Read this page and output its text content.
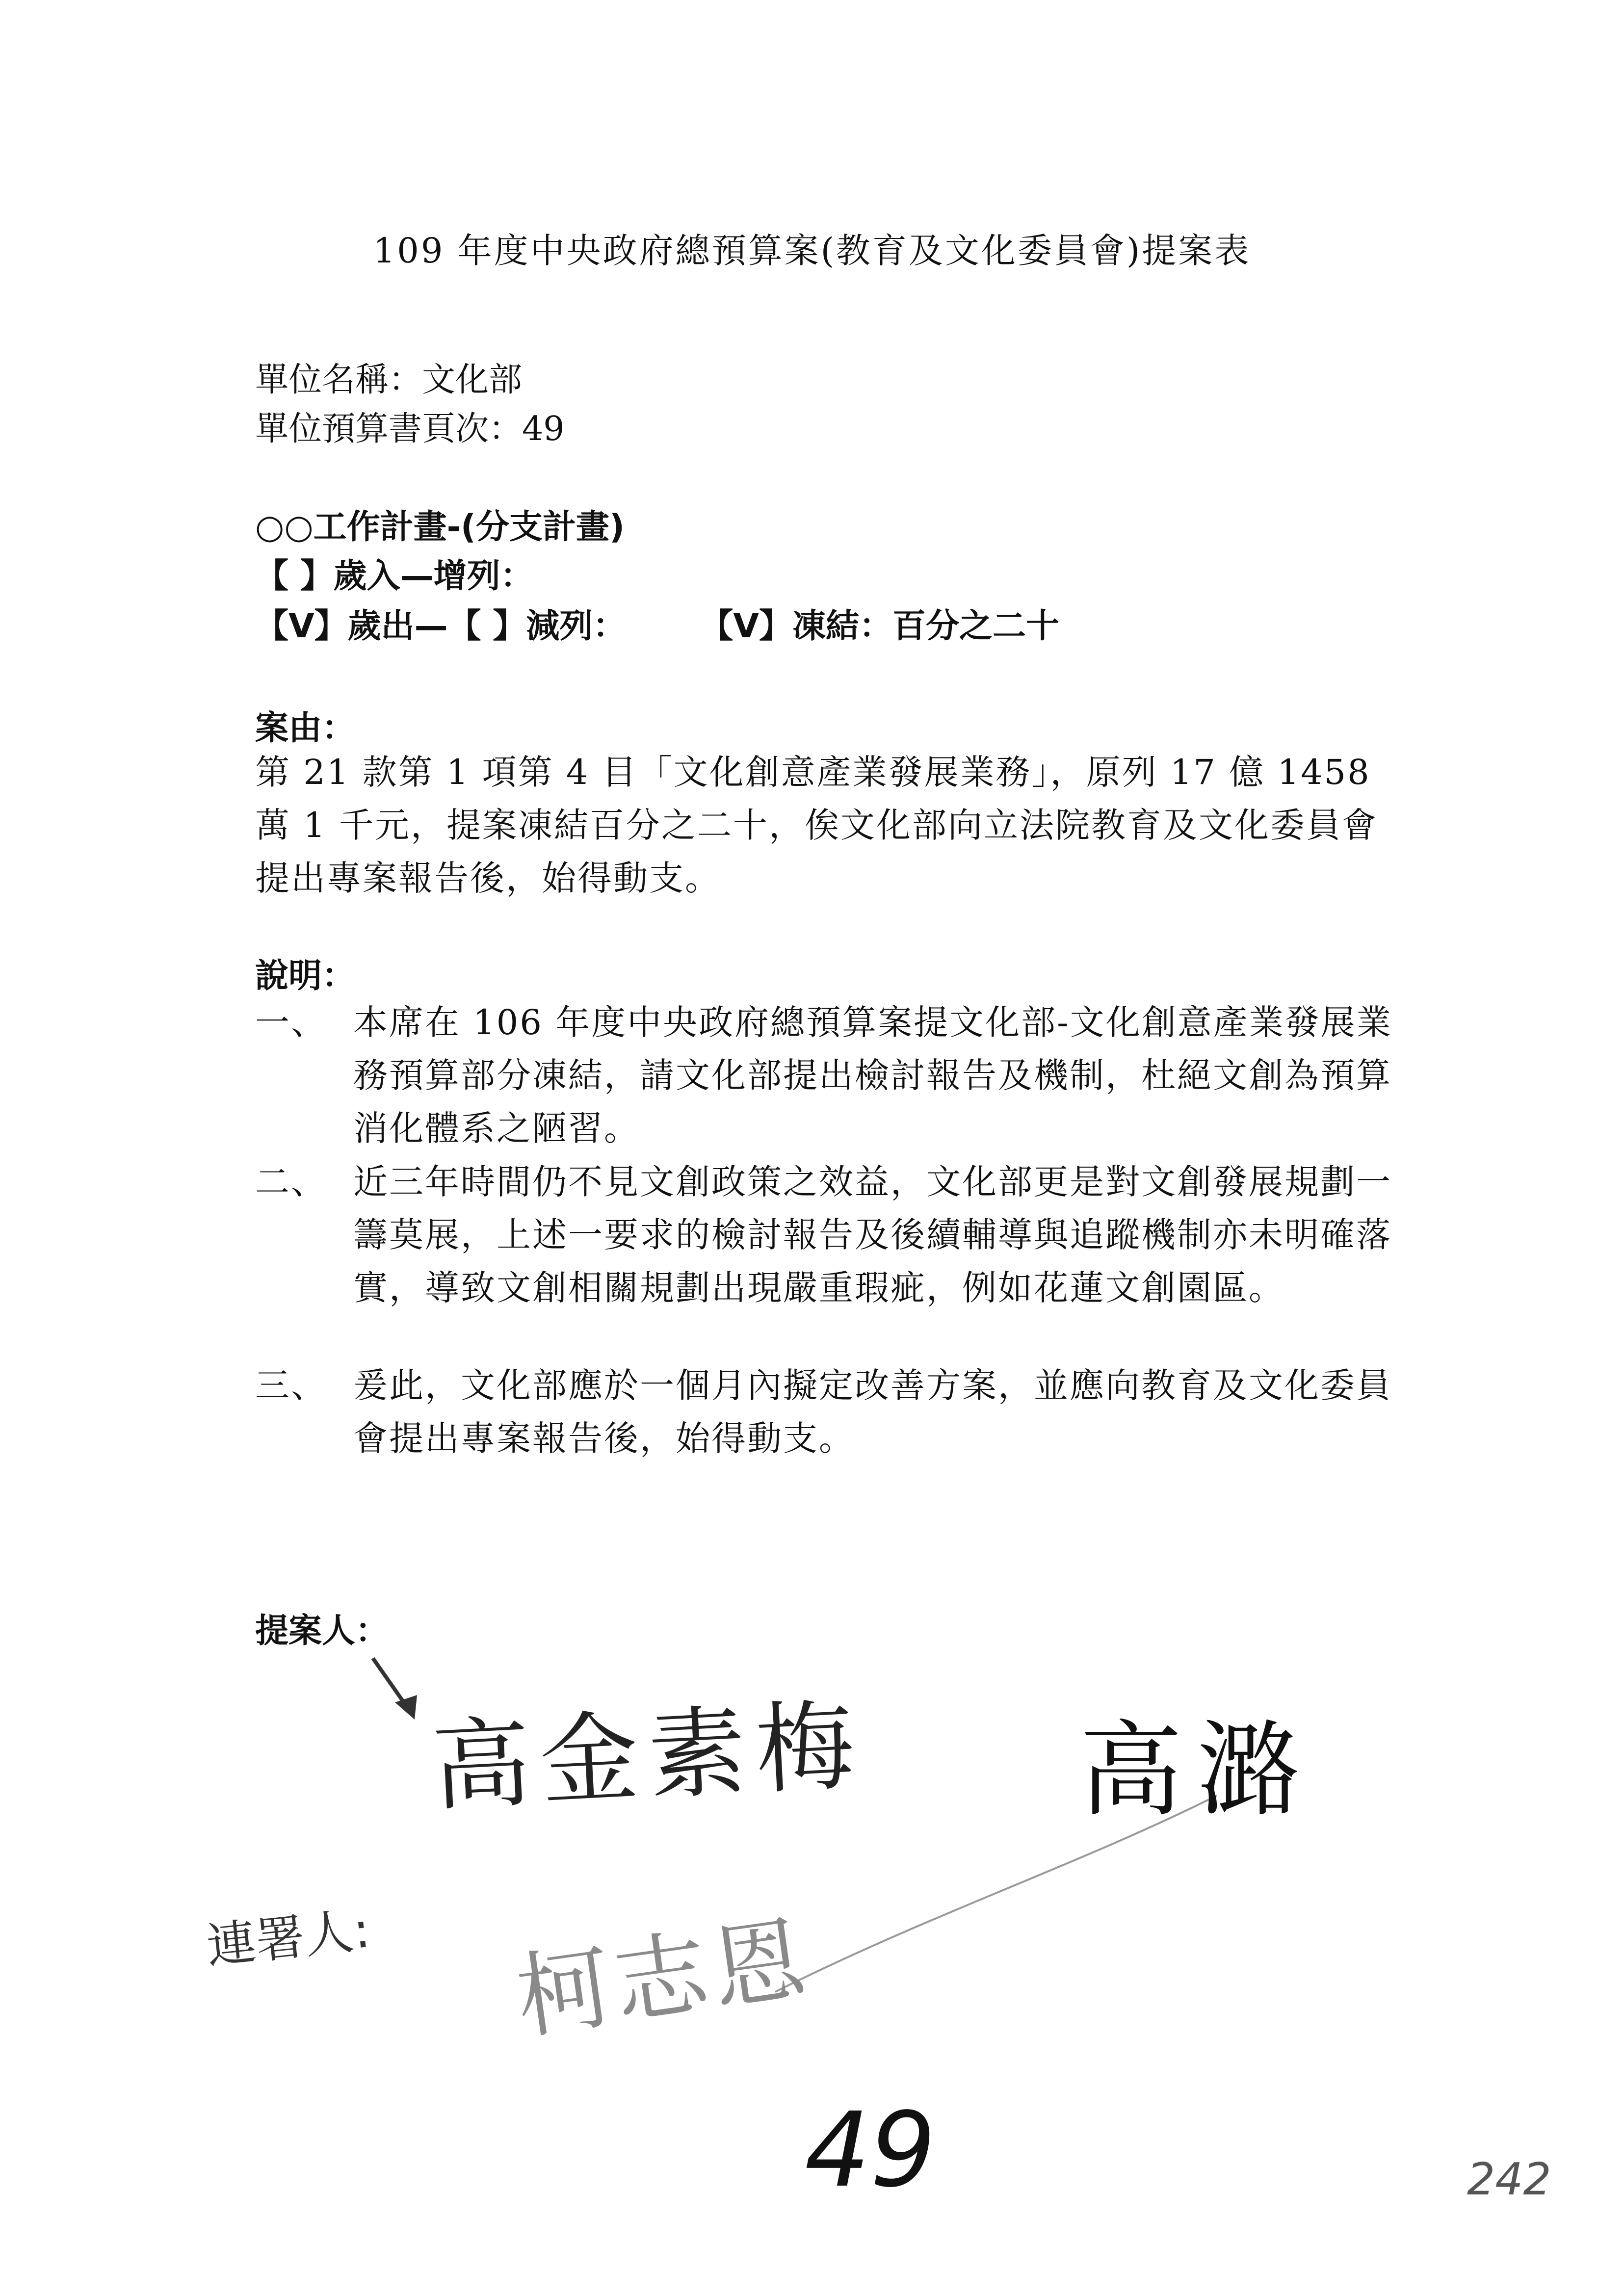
109 年度中央政府總預算案(教育及文化委員會)提案表
單位名稱：文化部
單位預算書頁次：49
○○工作計畫-(分支計畫)
【 】歲入—增列：
【V】歲出—【 】減列： 【V】凍結：百分之二十
案由：
第 21 款第 1 項第 4 目「文化創意產業發展業務」，原列 17 億 1458 萬 1 千元，提案凍結百分之二十，俟文化部向立法院教育及文化委員會提出專案報告後，始得動支。
說明：
一、 本席在 106 年度中央政府總預算案提文化部-文化創意產業發展業務預算部分凍結，請文化部提出檢討報告及機制，杜絕文創為預算消化體系之陋習。
二、 近三年時間仍不見文創政策之效益，文化部更是對文創發展規劃一籌莫展，上述一要求的檢討報告及後續輔導與追蹤機制亦未明確落實，導致文創相關規劃出現嚴重瑕疵，例如花蓮文創園區。
三、 爰此，文化部應於一個月內擬定改善方案，並應向教育及文化委員會提出專案報告後，始得動支。
提案人：
高金素梅 高潞
連署人: 柯志恩
49	242
